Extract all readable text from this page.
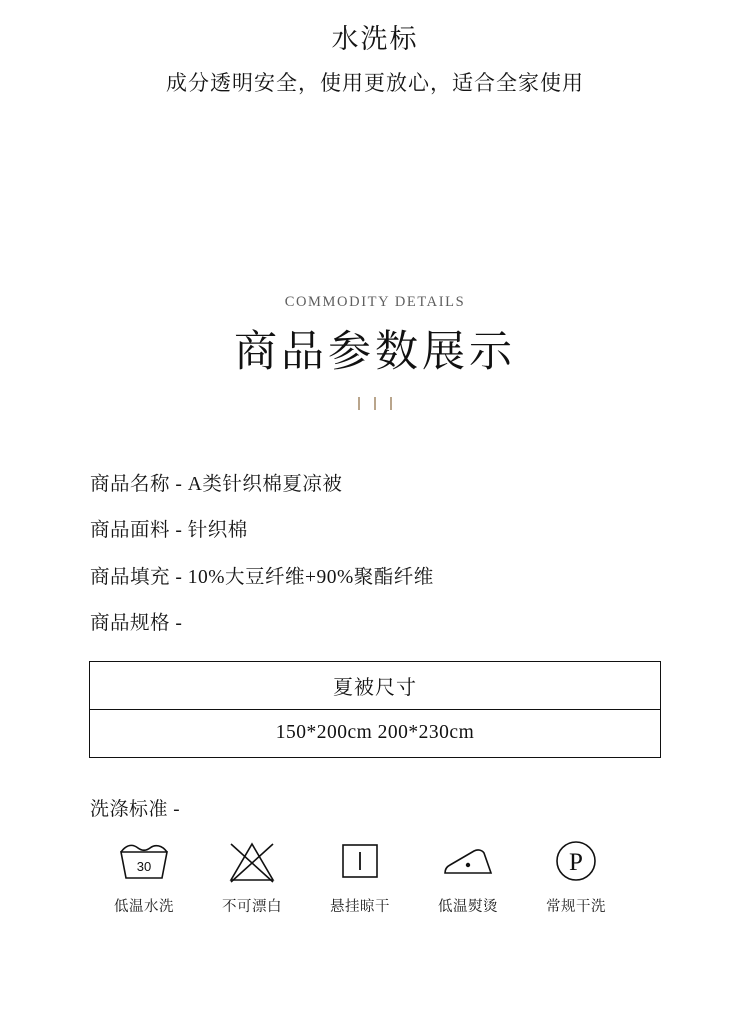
水洗标
成分透明安全，使用更放心，适合全家使用
COMMODITY DETAILS
商品参数展示
商品名称 - A类针织棉夏凉被
商品面料 - 针织棉
商品填充 - 10%大豆纤维+90%聚酯纤维
商品规格 -
夏被尺寸
150*200cm 200*230cm
洗涤标准 -
30
低温水洗	不可漂白	悬挂晾干	低温熨烫
P
常规干洗
